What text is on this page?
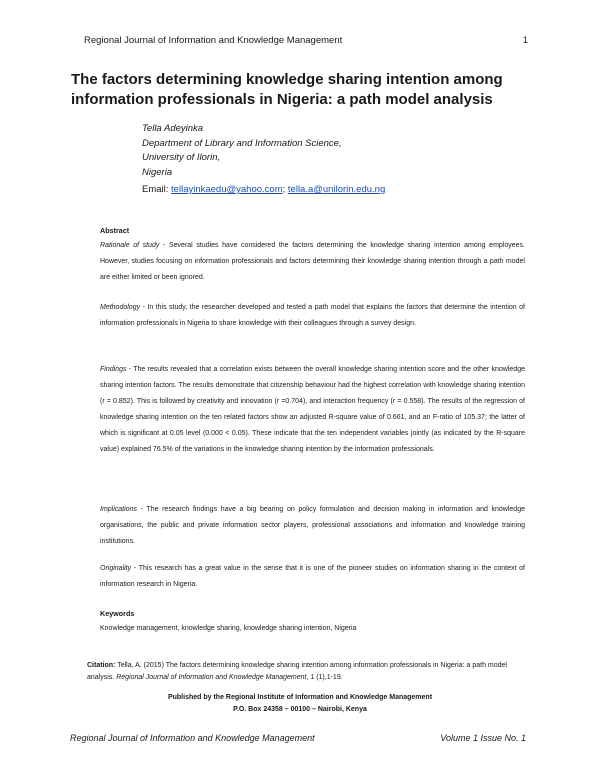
Regional Journal of Information and Knowledge Management	1
The factors determining knowledge sharing intention among information professionals in Nigeria: a path model analysis
Tella Adeyinka
Department of Library and Information Science,
University of Ilorin,
Nigeria
Email: tellayinkaedu@yahoo.com; tella.a@unilorin.edu.ng
Abstract
Rationale of study - Several studies have considered the factors determining the knowledge sharing intention among employees. However, studies focusing on information professionals and factors determining their knowledge sharing intention through a path model are either limited or been ignored.
Methodology - In this study, the researcher developed and tested a path model that explains the factors that determine the intention of information professionals in Nigeria to share knowledge with their colleagues through a survey design.
Findings - The results revealed that a correlation exists between the overall knowledge sharing intention score and the other knowledge sharing intention factors. The results demonstrate that citizenship behaviour had the highest correlation with knowledge sharing intention (r = 0.852). This is followed by creativity and innovation (r =0.704), and interaction frequency (r = 0.558). The results of the regression of knowledge sharing intention on the ten related factors show an adjusted R-square value of 0.661, and an F-ratio of 105.37; the latter of which is significant at 0.05 level (0.000 < 0.05). These indicate that the ten independent variables jointly (as indicated by the R-square value) explained 76.5% of the variations in the knowledge sharing intention by the information professionals.
Implications - The research findings have a big bearing on policy formulation and decision making in information and knowledge organisations, the public and private information sector players, professional associations and information and knowledge training institutions.
Originality - This research has a great value in the sense that it is one of the pioneer studies on information sharing in the context of information research in Nigeria.
Keywords
Knowledge management, knowledge sharing, knowledge sharing intention, Nigeria
Citation: Tella, A. (2015) The factors determining knowledge sharing intention among information professionals in Nigeria: a path model analysis. Regional Journal of Information and Knowledge Management, 1 (1),1-19.
Published by the Regional Institute of Information and Knowledge Management
P.O. Box 24358 – 00100 – Nairobi, Kenya
Regional Journal of Information and Knowledge Management	Volume 1 Issue No. 1
